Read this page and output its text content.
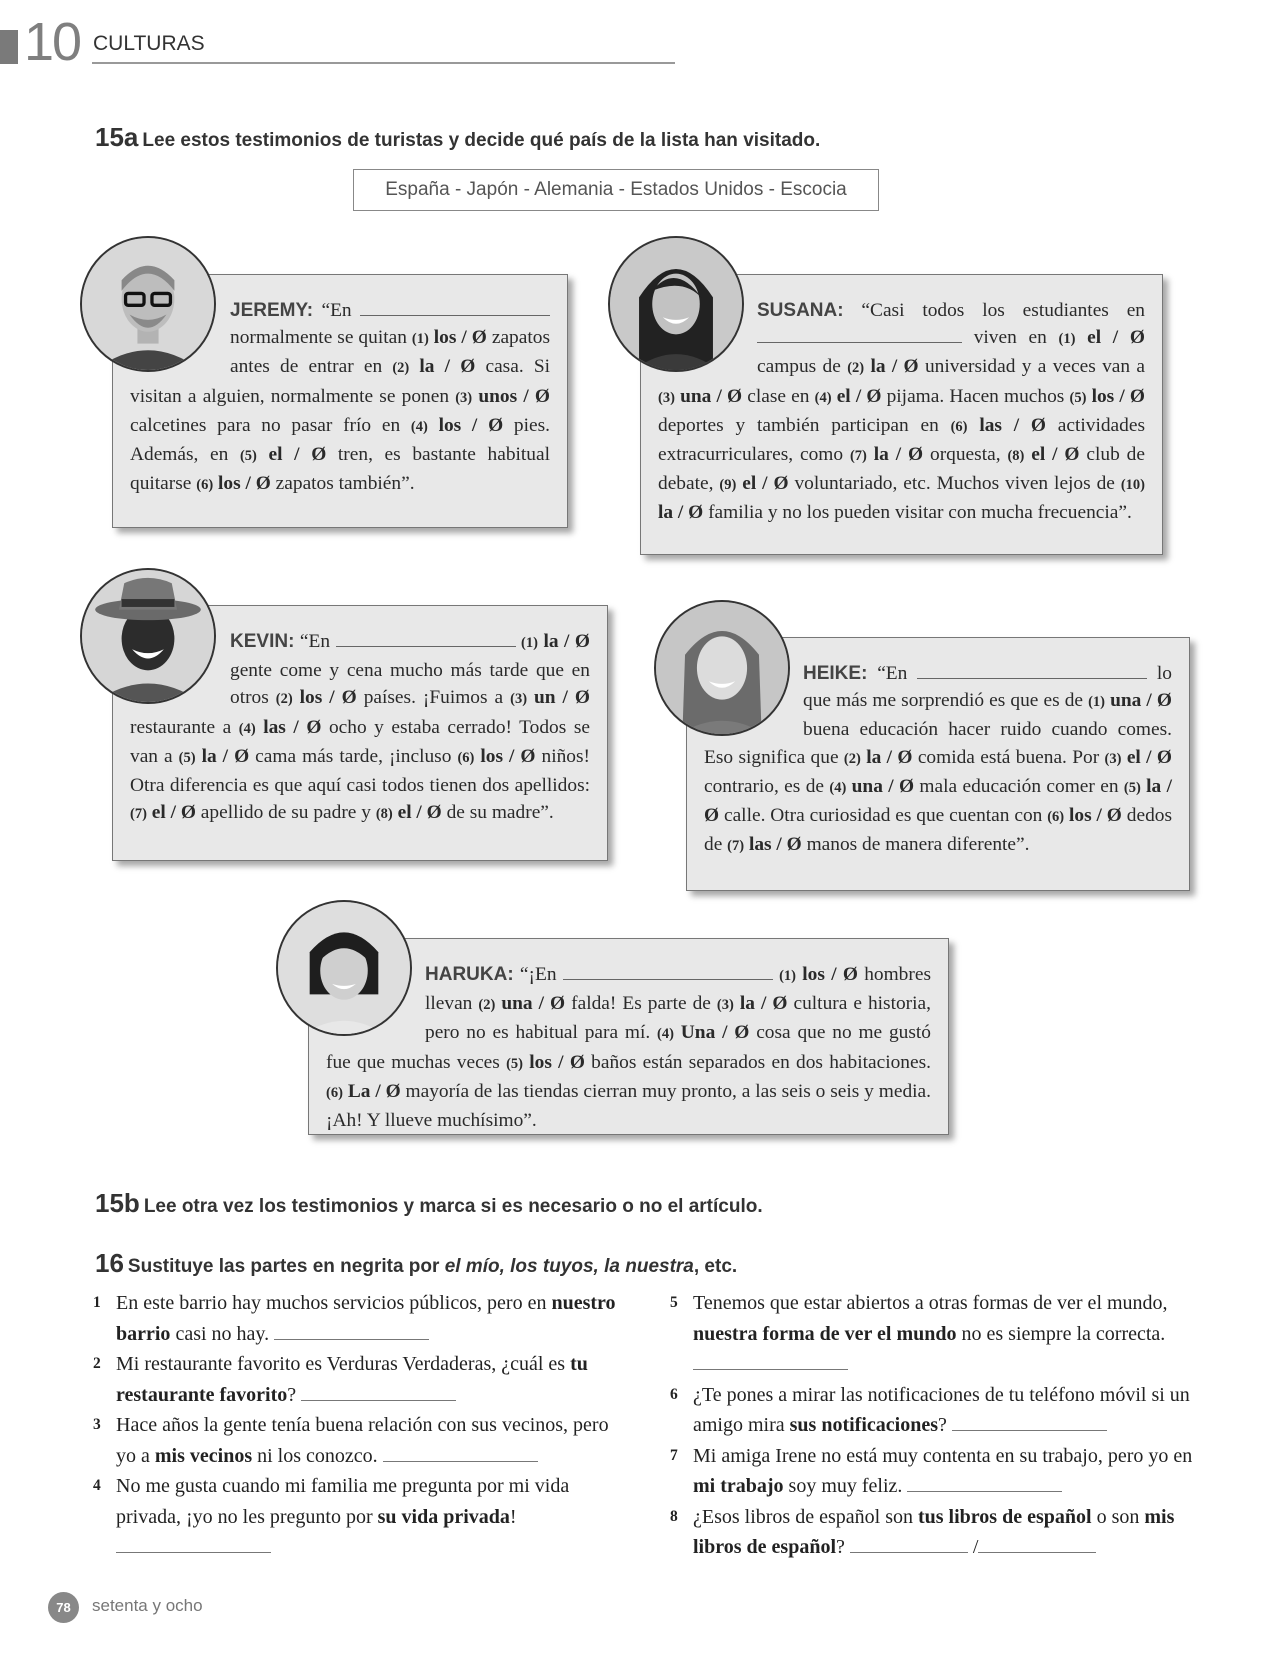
10 CULTURAS
15a Lee estos testimonios de turistas y decide qué país de la lista han visitado.
España - Japón - Alemania - Estados Unidos - Escocia
JEREMY: “En  normalmente se quitan (1) los / Ø zapatos antes de entrar en (2) la / Ø casa. Si visitan a alguien, normalmente se ponen (3) unos / Ø calcetines para no pasar frío en (4) los / Ø pies. Además, en (5) el / Ø tren, es bastante habitual quitarse (6) los / Ø zapatos también”.
SUSANA: “Casi todos los estudiantes en  viven en (1) el / Ø campus de (2) la / Ø universidad y a veces van a (3) una / Ø clase en (4) el / Ø pijama. Hacen muchos (5) los / Ø deportes y también participan en (6) las / Ø actividades extracurriculares, como (7) la / Ø orquesta, (8) el / Ø club de debate, (9) el / Ø voluntariado, etc. Muchos viven lejos de (10) la / Ø familia y no los pueden visitar con mucha frecuencia”.
KEVIN: “En	(1) la / Ø gente come y cena mucho más tarde que en otros (2) los / Ø países. ¡Fuimos a (3) un / Ø restaurante a (4) las / Ø ocho y estaba cerrado! Todos se van a (5) la / Ø cama más tarde, ¡incluso (6) los / Ø niños! Otra diferencia es que aquí casi todos tienen dos apellidos: (7) el / Ø apellido de su padre y (8) el / Ø de su madre”.
HEIKE: “En	lo que más me sorprendió es que es de (1) una / Ø buena educación hacer ruido cuando comes. Eso significa que (2) la / Ø comida está buena. Por (3) el / Ø contrario, es de (4) una / Ø mala educación comer en (5) la / Ø calle. Otra curiosidad es que cuentan con (6) los / Ø dedos de (7) las / Ø manos de manera diferente”.
HARUKA: “¡En	(1) los / Ø hombres llevan (2) una / Ø falda! Es parte de (3) la / Ø cultura e historia, pero no es habitual para mí. (4) Una / Ø cosa que no me gustó fue que muchas veces (5) los / Ø baños están separados en dos habitaciones. (6) La / Ø mayoría de las tiendas cierran muy pronto, a las seis o seis y media. ¡Ah! Y llueve muchísimo”.
15b Lee otra vez los testimonios y marca si es necesario o no el artículo.
16 Sustituye las partes en negrita por el mío, los tuyos, la nuestra, etc.
1 En este barrio hay muchos servicios públicos, pero en nuestro barrio casi no hay.
2 Mi restaurante favorito es Verduras Verdaderas, ¿cuál es tu restaurante favorito?
3 Hace años la gente tenía buena relación con sus vecinos, pero yo a mis vecinos ni los conozco.
4 No me gusta cuando mi familia me pregunta por mi vida privada, ¡yo no les pregunto por su vida privada!

5 Tenemos que estar abiertos a otras formas de ver el mundo, nuestra forma de ver el mundo no es siempre la correcta.
6 ¿Te pones a mirar las notificaciones de tu teléfono móvil si un amigo mira sus notificaciones?
7 Mi amiga Irene no está muy contenta en su trabajo, pero yo en mi trabajo soy muy feliz.
8 ¿Esos libros de español son tus libros de español o son mis libros de español?	/
78	setenta y ocho
